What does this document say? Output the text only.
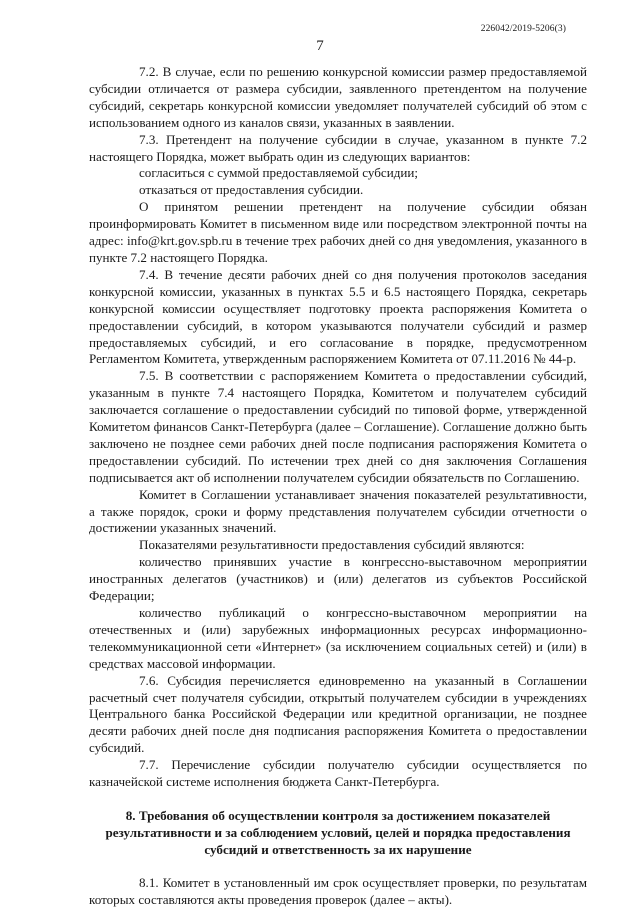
226042/2019-5206(3)
7

7.2. В случае, если по решению конкурсной комиссии размер предоставляемой субсидии отличается от размера субсидии, заявленного претендентом на получение субсидий, секретарь конкурсной комиссии уведомляет получателей субсидий об этом с использованием одного из каналов связи, указанных в заявлении.

7.3. Претендент на получение субсидии в случае, указанном в пункте 7.2 настоящего Порядка, может выбрать один из следующих вариантов:

согласиться с суммой предоставляемой субсидии;

отказаться от предоставления субсидии.

О принятом решении претендент на получение субсидии обязан проинформировать Комитет в письменном виде или посредством электронной почты на адрес: info@krt.gov.spb.ru в течение трех рабочих дней со дня уведомления, указанного в пункте 7.2 настоящего Порядка.

7.4. В течение десяти рабочих дней со дня получения протоколов заседания конкурсной комиссии, указанных в пунктах 5.5 и 6.5 настоящего Порядка, секретарь конкурсной комиссии осуществляет подготовку проекта распоряжения Комитета о предоставлении субсидий, в котором указываются получатели субсидий и размер предоставляемых субсидий, и его согласование в порядке, предусмотренном Регламентом Комитета, утвержденным распоряжением Комитета от 07.11.2016 № 44-р.

7.5. В соответствии с распоряжением Комитета о предоставлении субсидий, указанным в пункте 7.4 настоящего Порядка, Комитетом и получателем субсидий заключается соглашение о предоставлении субсидий по типовой форме, утвержденной Комитетом финансов Санкт-Петербурга (далее – Соглашение). Соглашение должно быть заключено не позднее семи рабочих дней после подписания распоряжения Комитета о предоставлении субсидий. По истечении трех дней со дня заключения Соглашения подписывается акт об исполнении получателем субсидии обязательств по Соглашению.

Комитет в Соглашении устанавливает значения показателей результативности, а также порядок, сроки и форму представления получателем субсидии отчетности о достижении указанных значений.

Показателями результативности предоставления субсидий являются:

количество принявших участие в конгрессно-выставочном мероприятии иностранных делегатов (участников) и (или) делегатов из субъектов Российской Федерации;

количество публикаций о конгрессно-выставочном мероприятии на отечественных и (или) зарубежных информационных ресурсах информационно-телекоммуникационной сети «Интернет» (за исключением социальных сетей) и (или) в средствах массовой информации.

7.6. Субсидия перечисляется единовременно на указанный в Соглашении расчетный счет получателя субсидии, открытый получателем субсидии в учреждениях Центрального банка Российской Федерации или кредитной организации, не позднее десяти рабочих дней после дня подписания распоряжения Комитета о предоставлении субсидий.

7.7. Перечисление субсидии получателю субсидии осуществляется по казначейской системе исполнения бюджета Санкт-Петербурга.

8. Требования об осуществлении контроля за достижением показателей результативности и за соблюдением условий, целей и порядка предоставления субсидий и ответственность за их нарушение

8.1. Комитет в установленный им срок осуществляет проверки, по результатам которых составляются акты проведения проверок (далее – акты).
